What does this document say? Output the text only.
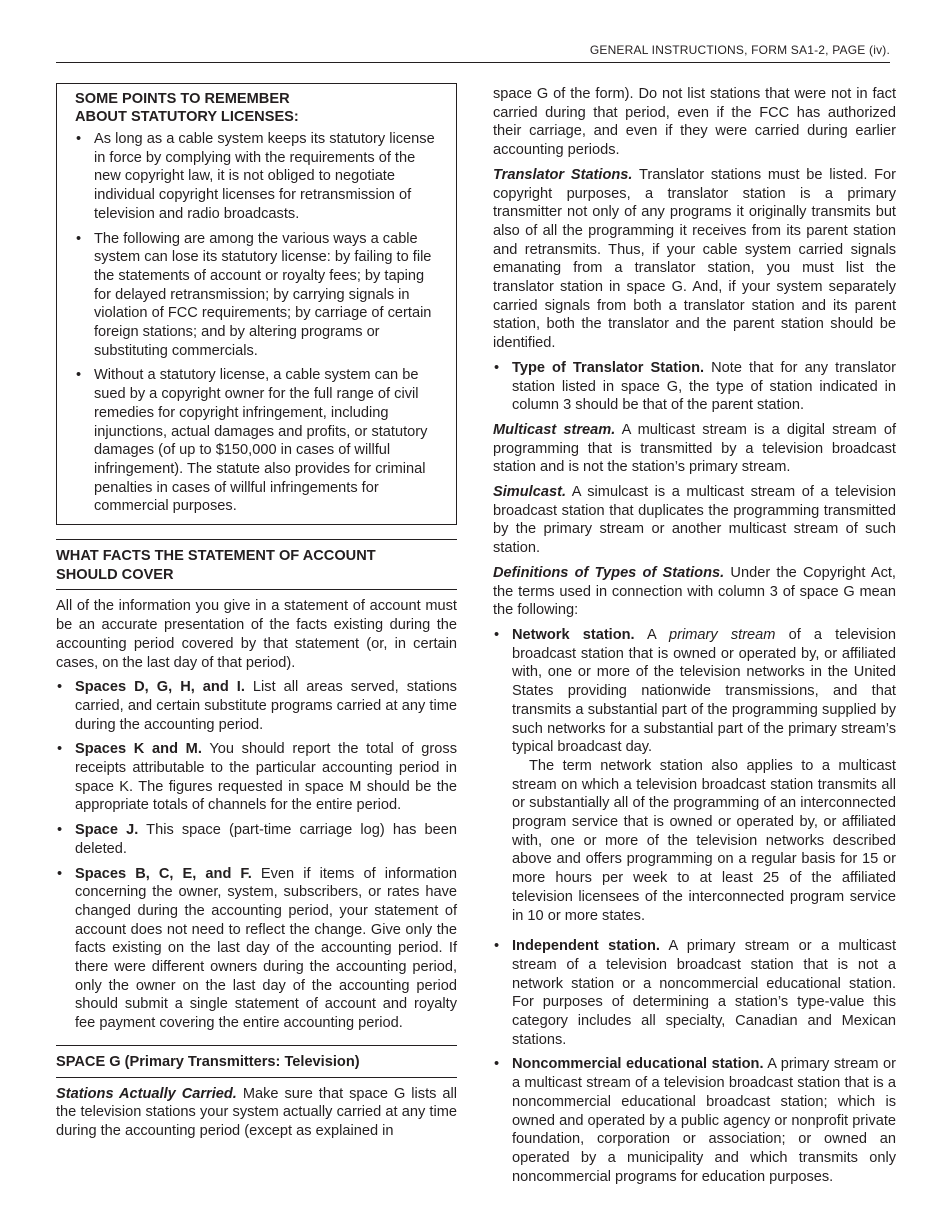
GENERAL INSTRUCTIONS, FORM SA1-2, PAGE (iv).
SOME POINTS TO REMEMBER
ABOUT STATUTORY LICENSES:
• As long as a cable system keeps its statutory license in force by complying with the requirements of the new copyright law, it is not obliged to negotiate individual copyright licenses for retransmission of television and radio broadcasts.
• The following are among the various ways a cable system can lose its statutory license: by failing to file the statements of account or royalty fees; by taping for delayed retransmission; by carrying signals in violation of FCC requirements; by carriage of certain foreign stations; and by altering programs or substituting commercials.
• Without a statutory license, a cable system can be sued by a copyright owner for the full range of civil remedies for copyright infringement, including injunctions, actual damages and profits, or statutory damages (of up to $150,000 in cases of willful infringement). The statute also provides for criminal penalties in cases of willful infringements for commercial purposes.
WHAT FACTS THE STATEMENT OF ACCOUNT
SHOULD COVER

All of the information you give in a statement of account must be an accurate presentation of the facts existing during the accounting period covered by that statement (or, in certain cases, on the last day of that period).

• Spaces D, G, H, and I. List all areas served, stations carried, and certain substitute programs carried at any time during the accounting period.
• Spaces K and M. You should report the total of gross receipts attributable to the particular accounting period in space K. The figures requested in space M should be the appropriate totals of channels for the entire period.
• Space J. This space (part-time carriage log) has been deleted.
• Spaces B, C, E, and F. Even if items of information concerning the owner, system, subscribers, or rates have changed during the accounting period, your statement of account does not need to reflect the change. Give only the facts existing on the last day of the accounting period. If there were different owners during the accounting period, only the owner on the last day of the accounting period should submit a single statement of account and royalty fee payment covering the entire accounting period.
SPACE G (Primary Transmitters: Television)

Stations Actually Carried. Make sure that space G lists all the television stations your system actually carried at any time during the accounting period (except as explained in

space G of the form). Do not list stations that were not in fact carried during that period, even if the FCC has authorized their carriage, and even if they were carried during earlier accounting periods.

Translator Stations. Translator stations must be listed. For copyright purposes, a translator station is a primary transmitter not only of any programs it originally transmits but also of all the programming it receives from its parent station and retransmits. Thus, if your cable system carried signals emanating from a translator station, you must list the translator station in space G. And, if your system separately carried signals from both a translator station and its parent station, both the translator and the parent station should be identified.

• Type of Translator Station. Note that for any translator station listed in space G, the type of station indicated in column 3 should be that of the parent station.

Multicast stream. A multicast stream is a digital stream of programming that is transmitted by a television broadcast station and is not the station’s primary stream.

Simulcast. A simulcast is a multicast stream of a television broadcast station that duplicates the programming transmitted by the primary stream or another multicast stream of such station.

Definitions of Types of Stations. Under the Copyright Act, the terms used in connection with column 3 of space G mean the following:

• Network station. A primary stream of a television broadcast station that is owned or operated by, or affiliated with, one or more of the television networks in the United States providing nationwide transmissions, and that transmits a substantial part of the programming supplied by such networks for a substantial part of the primary stream’s typical broadcast day.
The term network station also applies to a multicast stream on which a television broadcast station transmits all or substantially all of the programming of an interconnected program service that is owned or operated by, or affiliated with, one or more of the television networks described above and offers programming on a regular basis for 15 or more hours per week to at least 25 of the affiliated television licensees of the interconnected program service in 10 or more states.
• Independent station. A primary stream or a multicast stream of a television broadcast station that is not a network station or a noncommercial educational station. For purposes of determining a station’s type-value this category includes all specialty, Canadian and Mexican stations.
• Noncommercial educational station. A primary stream or a multicast stream of a television broadcast station that is a noncommercial educational broadcast station; which is owned and operated by a public agency or nonprofit private foundation, corporation or association; or owned an operated by a municipality and which transmits only noncommercial programs for education purposes.
